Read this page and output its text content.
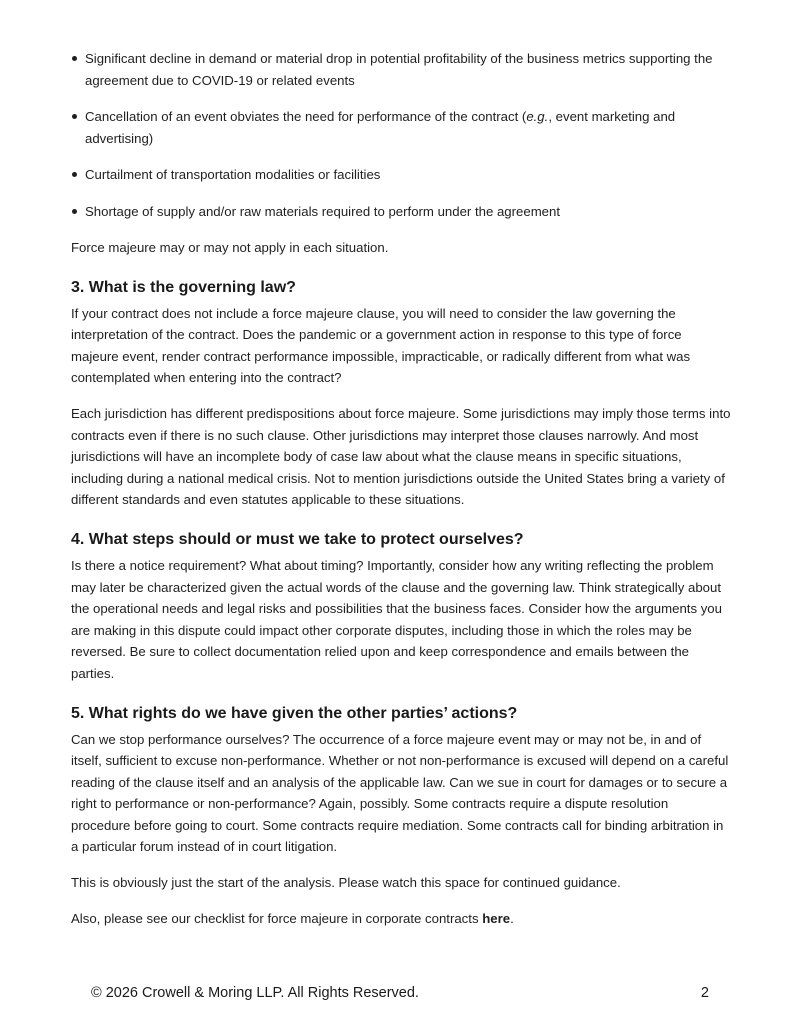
Significant decline in demand or material drop in potential profitability of the business metrics supporting the agreement due to COVID-19 or related events
Cancellation of an event obviates the need for performance of the contract (e.g., event marketing and advertising)
Curtailment of transportation modalities or facilities
Shortage of supply and/or raw materials required to perform under the agreement

Force majeure may or may not apply in each situation.

3. What is the governing law?

If your contract does not include a force majeure clause, you will need to consider the law governing the interpretation of the contract. Does the pandemic or a government action in response to this type of force majeure event, render contract performance impossible, impracticable, or radically different from what was contemplated when entering into the contract?

Each jurisdiction has different predispositions about force majeure. Some jurisdictions may imply those terms into contracts even if there is no such clause. Other jurisdictions may interpret those clauses narrowly. And most jurisdictions will have an incomplete body of case law about what the clause means in specific situations, including during a national medical crisis. Not to mention jurisdictions outside the United States bring a variety of different standards and even statutes applicable to these situations.

4. What steps should or must we take to protect ourselves?

Is there a notice requirement? What about timing? Importantly, consider how any writing reflecting the problem may later be characterized given the actual words of the clause and the governing law. Think strategically about the operational needs and legal risks and possibilities that the business faces. Consider how the arguments you are making in this dispute could impact other corporate disputes, including those in which the roles may be reversed. Be sure to collect documentation relied upon and keep correspondence and emails between the parties.

5. What rights do we have given the other parties’ actions?

Can we stop performance ourselves? The occurrence of a force majeure event may or may not be, in and of itself, sufficient to excuse non-performance. Whether or not non-performance is excused will depend on a careful reading of the clause itself and an analysis of the applicable law. Can we sue in court for damages or to secure a right to performance or non-performance? Again, possibly. Some contracts require a dispute resolution procedure before going to court. Some contracts require mediation. Some contracts call for binding arbitration in a particular forum instead of in court litigation.

This is obviously just the start of the analysis. Please watch this space for continued guidance.

Also, please see our checklist for force majeure in corporate contracts here.

© 2026 Crowell & Moring LLP. All Rights Reserved.	2
